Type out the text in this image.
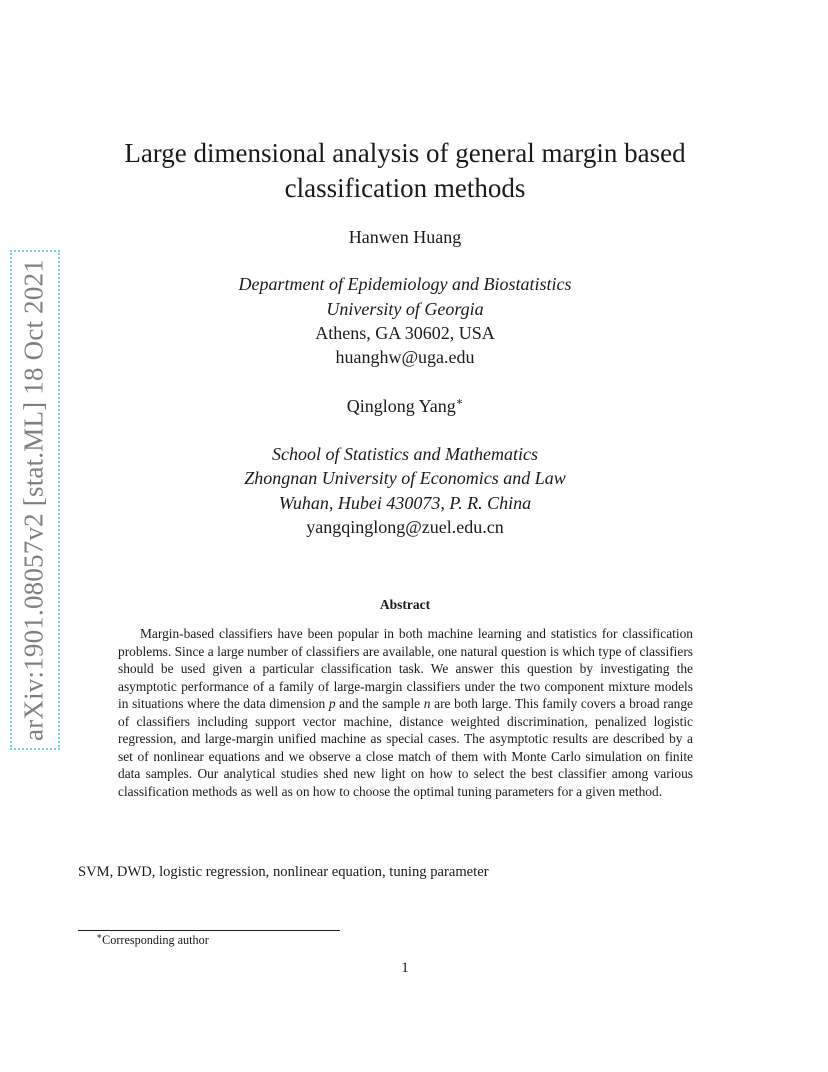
arXiv:1901.08057v2 [stat.ML] 18 Oct 2021
Large dimensional analysis of general margin based
classification methods
Hanwen Huang
Department of Epidemiology and Biostatistics
University of Georgia
Athens, GA 30602, USA
huanghw@uga.edu
Qinglong Yang∗
School of Statistics and Mathematics
Zhongnan University of Economics and Law
Wuhan, Hubei 430073, P. R. China
yangqinglong@zuel.edu.cn
Abstract

Margin-based classifiers have been popular in both machine learning and statistics for classification problems. Since a large number of classifiers are available, one natural question is which type of classifiers should be used given a particular classification task. We answer this question by investigating the asymptotic performance of a family of large-margin classifiers under the two component mixture models in situations where the data dimension p and the sample n are both large. This family covers a broad range of classifiers including support vector machine, distance weighted discrimination, penalized logistic regression, and large-margin unified machine as special cases. The asymptotic results are described by a set of nonlinear equations and we observe a close match of them with Monte Carlo simulation on finite data samples. Our analytical studies shed new light on how to select the best classifier among various classification methods as well as on how to choose the optimal tuning parameters for a given method.

SVM, DWD, logistic regression, nonlinear equation, tuning parameter
∗Corresponding author
1
